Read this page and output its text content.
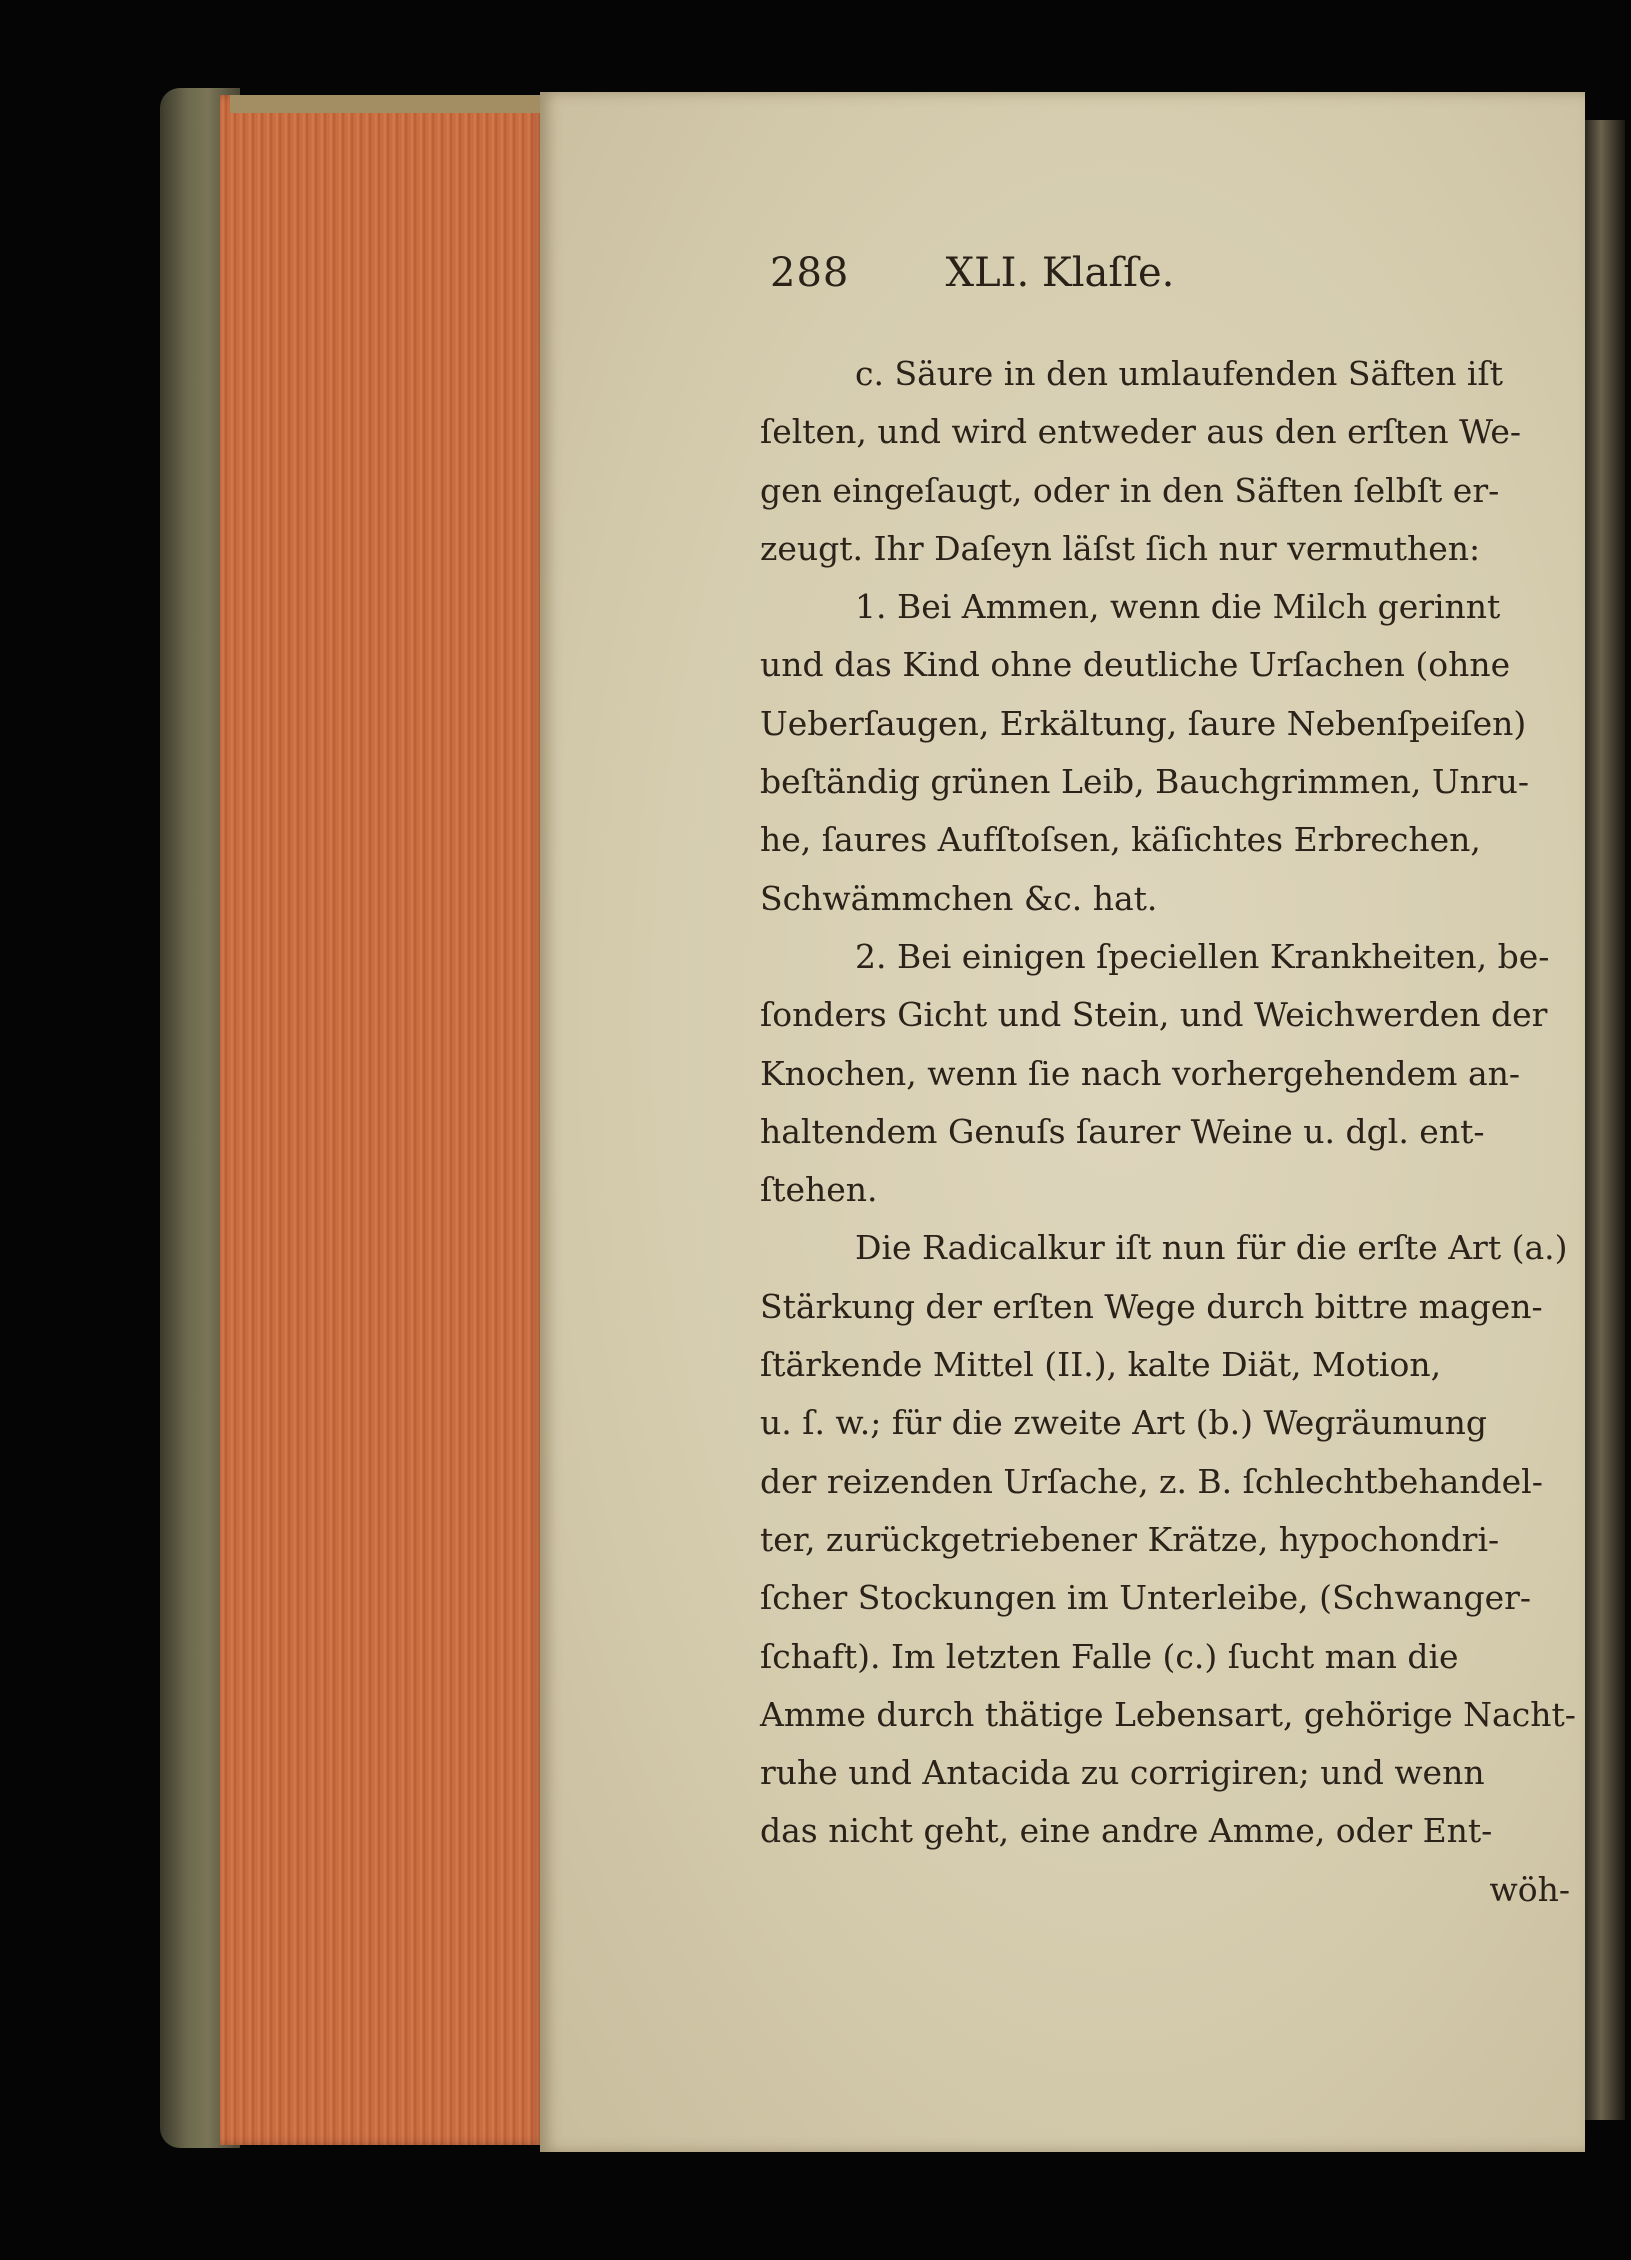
288 XLI. Klaſſe.
c. Säure in den umlaufenden Säften iſt
ſelten, und wird entweder aus den erſten We-
gen eingeſaugt, oder in den Säften ſelbſt er-
zeugt. Ihr Daſeyn läſst ſich nur vermuthen:
1. Bei Ammen, wenn die Milch gerinnt
und das Kind ohne deutliche Urſachen (ohne
Ueberſaugen, Erkältung, ſaure Nebenſpeiſen)
beſtändig grünen Leib, Bauchgrimmen, Unru-
he, ſaures Aufſtoſsen, käſichtes Erbrechen,
Schwämmchen &c. hat.
2. Bei einigen ſpeciellen Krankheiten, be-
ſonders Gicht und Stein, und Weichwerden der
Knochen, wenn ſie nach vorhergehendem an-
haltendem Genuſs ſaurer Weine u. dgl. ent-
ſtehen.
Die Radicalkur iſt nun für die erſte Art (a.)
Stärkung der erſten Wege durch bittre magen-
ſtärkende Mittel (II.), kalte Diät, Motion,
u. ſ. w.; für die zweite Art (b.) Wegräumung
der reizenden Urſache, z. B. ſchlechtbehandel-
ter, zurückgetriebener Krätze, hypochondri-
ſcher Stockungen im Unterleibe, (Schwanger-
ſchaft). Im letzten Falle (c.) ſucht man die
Amme durch thätige Lebensart, gehörige Nacht-
ruhe und Antacida zu corrigiren; und wenn
das nicht geht, eine andre Amme, oder Ent-
wöh-
